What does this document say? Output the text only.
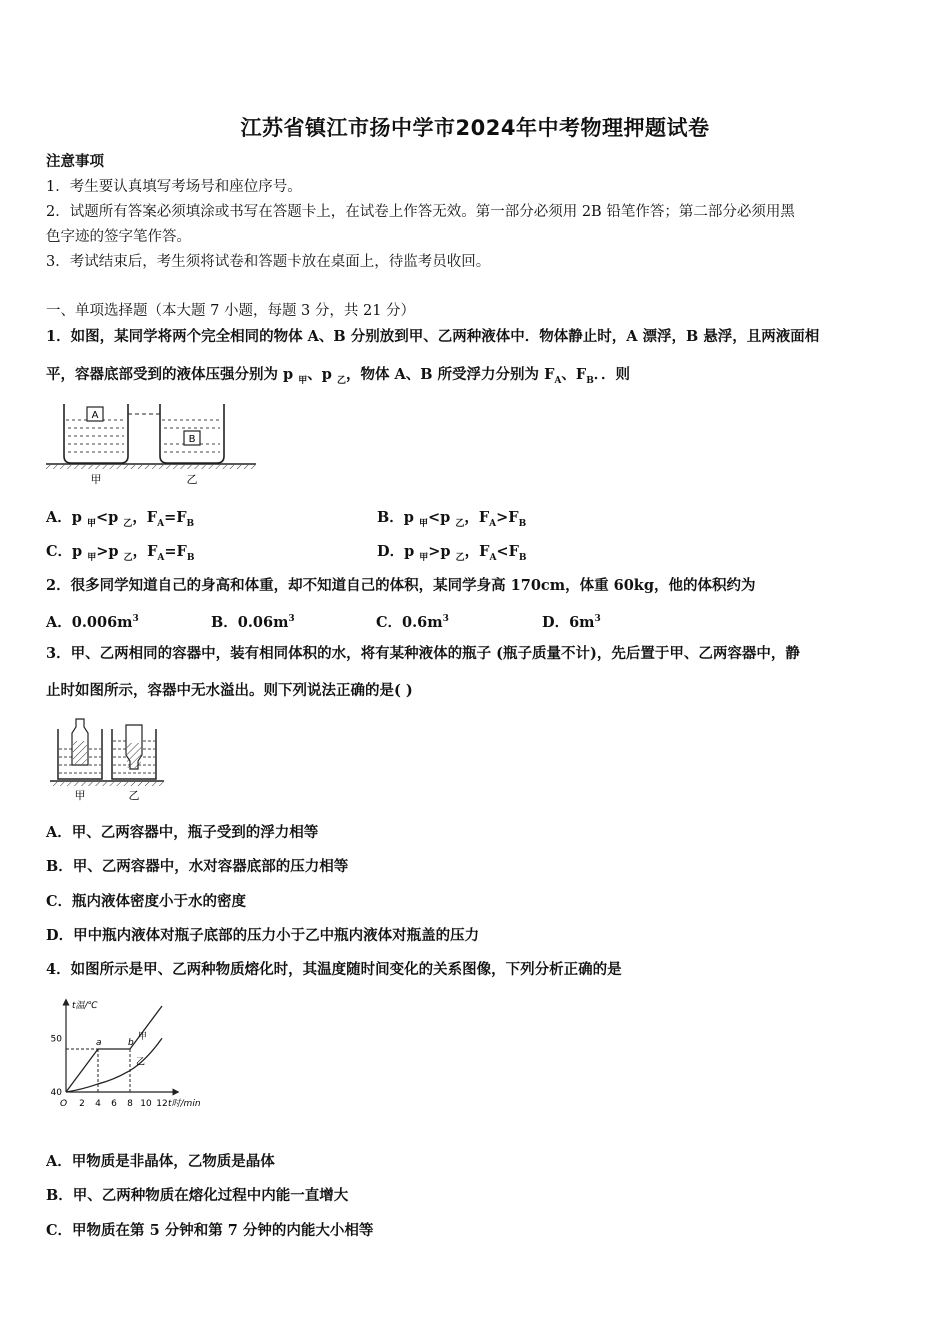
江苏省镇江市扬中学市2024年中考物理押题试卷
注意事项
1．考生要认真填写考场号和座位序号。
2．试题所有答案必须填涂或书写在答题卡上，在试卷上作答无效。第一部分必须用 2B 铅笔作答；第二部分必须用黑
色字迹的签字笔作答。
3．考试结束后，考生须将试卷和答题卡放在桌面上，待监考员收回。
一、单项选择题（本大题 7 小题，每题 3 分，共 21 分）
1．如图，某同学将两个完全相同的物体 A、B 分别放到甲、乙两种液体中．物体静止时，A 漂浮，B 悬浮，且两液面相
平，容器底部受到的液体压强分别为 p $_甲$、p $_乙$，物体 A、B 所受浮力分别为 $F_A$、$F_B$．．则
A
B
甲	乙
A．p $_甲$<p $_乙$，$F_A=F_B$	B．p $_甲$<p $_乙$，$F_A>F_B$
C．p $_甲$>p $_乙$，$F_A=F_B$	D．p $_甲$>p $_乙$，$F_A<F_B$
2．很多同学知道自己的身高和体重，却不知道自己的体积，某同学身高 170cm，体重 60kg，他的体积约为
A．$0.006m^3$	B．$0.06m^3$	C．$0.6m^3$	D．$6m^3$
3．甲、乙两相同的容器中，装有相同体积的水，将有某种液体的瓶子 (瓶子质量不计)，先后置于甲、乙两容器中，静
止时如图所示，容器中无水溢出。则下列说法正确的是( )
甲	乙
A．甲、乙两容器中，瓶子受到的浮力相等
B．甲、乙两容器中，水对容器底部的压力相等
C．瓶内液体密度小于水的密度
D．甲中瓶内液体对瓶子底部的压力小于乙中瓶内液体对瓶盖的压力
4．如图所示是甲、乙两种物质熔化时，其温度随时间变化的关系图像，下列分析正确的是
t温/℃
t时/min
O 2 4 6 8 10 12
40
50	a	b
甲
乙
A．甲物质是非晶体，乙物质是晶体
B．甲、乙两种物质在熔化过程中内能一直增大
C．甲物质在第 5 分钟和第 7 分钟的内能大小相等
